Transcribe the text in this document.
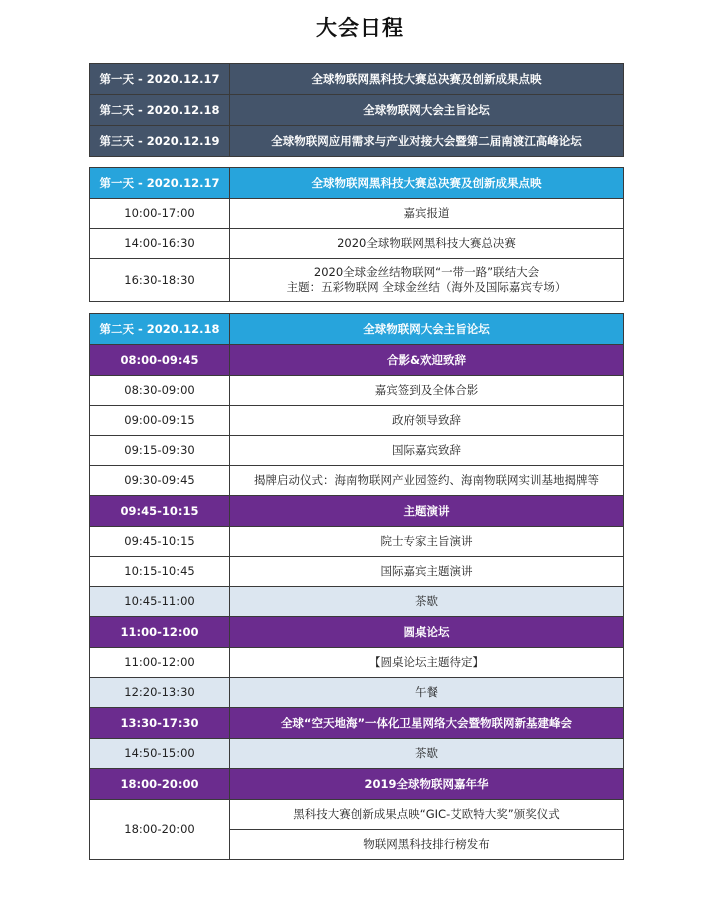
大会日程
第一天 - 2020.12.17	全球物联网黑科技大赛总决赛及创新成果点映
第二天 - 2020.12.18	全球物联网大会主旨论坛
第三天 - 2020.12.19	全球物联网应用需求与产业对接大会暨第二届南渡江高峰论坛
第一天 - 2020.12.17	全球物联网黑科技大赛总决赛及创新成果点映
10:00-17:00	嘉宾报道
14:00-16:30	2020全球物联网黑科技大赛总决赛
16:30-18:30	2020全球金丝结物联网“一带一路”联结大会
主题：五彩物联网 全球金丝结（海外及国际嘉宾专场）
第二天 - 2020.12.18	全球物联网大会主旨论坛
08:00-09:45	合影&欢迎致辞
08:30-09:00	嘉宾签到及全体合影
09:00-09:15	政府领导致辞
09:15-09:30	国际嘉宾致辞
09:30-09:45	揭牌启动仪式：海南物联网产业园签约、海南物联网实训基地揭牌等
09:45-10:15	主题演讲
09:45-10:15	院士专家主旨演讲
10:15-10:45	国际嘉宾主题演讲
10:45-11:00	茶歇
11:00-12:00	圆桌论坛
11:00-12:00	【圆桌论坛主题待定】
12:20-13:30	午餐
13:30-17:30	全球“空天地海”一体化卫星网络大会暨物联网新基建峰会
14:50-15:00	茶歇
18:00-20:00	2019全球物联网嘉年华
18:00-20:00	黑科技大赛创新成果点映“GIC-艾欧特大奖”颁奖仪式
	物联网黑科技排行榜发布
